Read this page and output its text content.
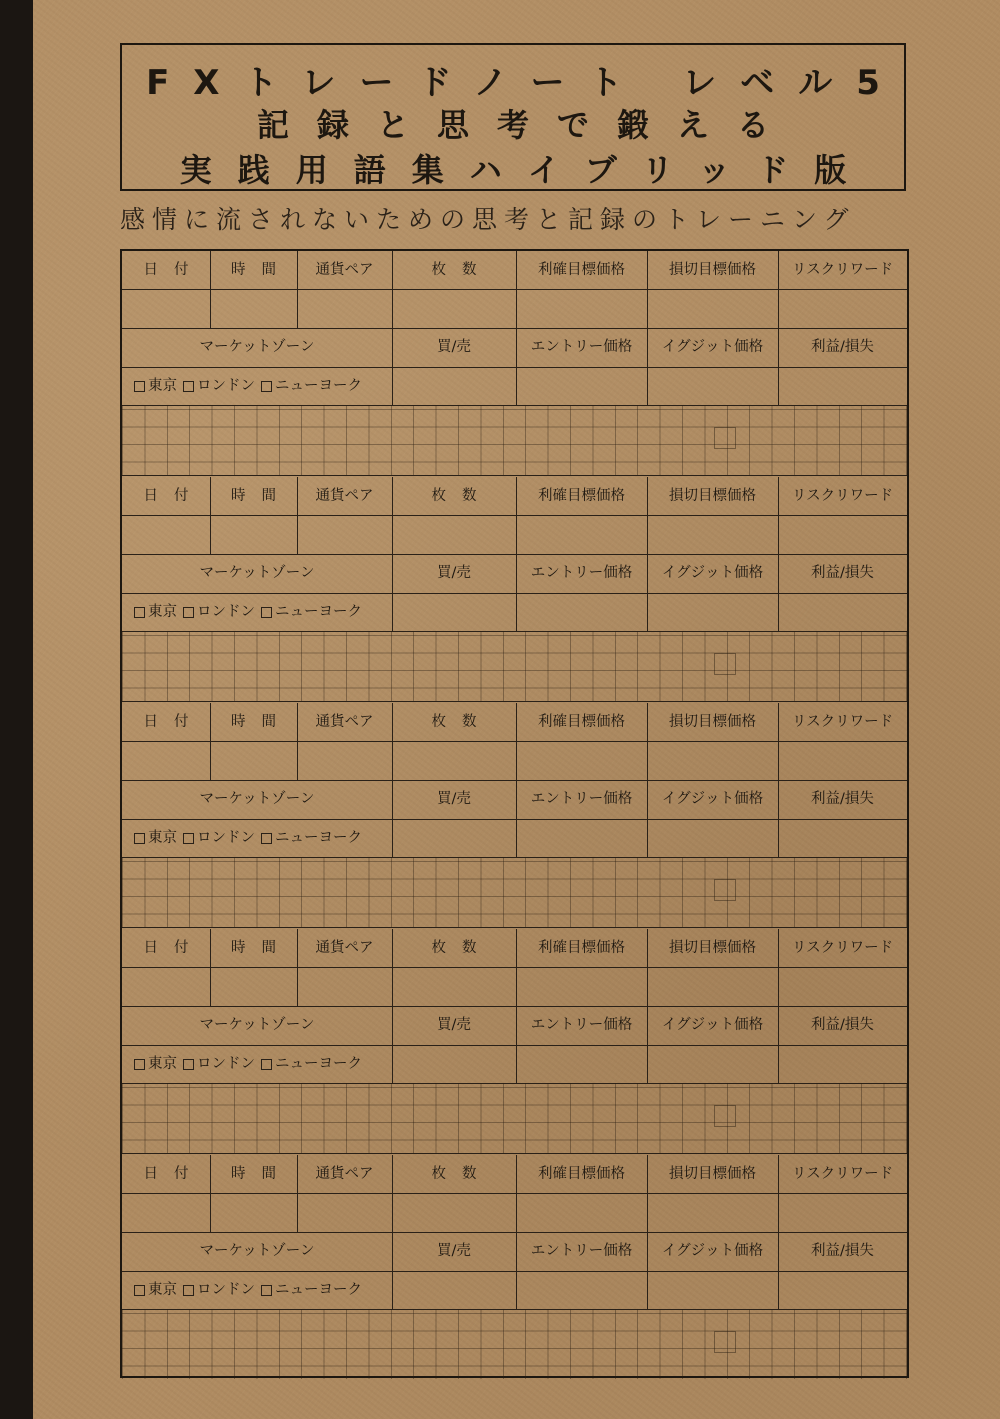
FXトレードノート レベル5
記録と思考で鍛える
実践用語集ハイブリッド版
感情に流されないための思考と記録のトレーニング
日付	時間	通貨ペア	枚数	利確目標価格	損切目標価格	リスクリワード
マーケットゾーン	買/売	エントリー価格	イグジット価格	利益/損失
東京 ロンドン ニューヨーク
日付	時間	通貨ペア	枚数	利確目標価格	損切目標価格	リスクリワード
マーケットゾーン	買/売	エントリー価格	イグジット価格	利益/損失
東京 ロンドン ニューヨーク
日付	時間	通貨ペア	枚数	利確目標価格	損切目標価格	リスクリワード
マーケットゾーン	買/売	エントリー価格	イグジット価格	利益/損失
東京 ロンドン ニューヨーク
日付	時間	通貨ペア	枚数	利確目標価格	損切目標価格	リスクリワード
マーケットゾーン	買/売	エントリー価格	イグジット価格	利益/損失
東京 ロンドン ニューヨーク
日付	時間	通貨ペア	枚数	利確目標価格	損切目標価格	リスクリワード
マーケットゾーン	買/売	エントリー価格	イグジット価格	利益/損失
東京 ロンドン ニューヨーク
